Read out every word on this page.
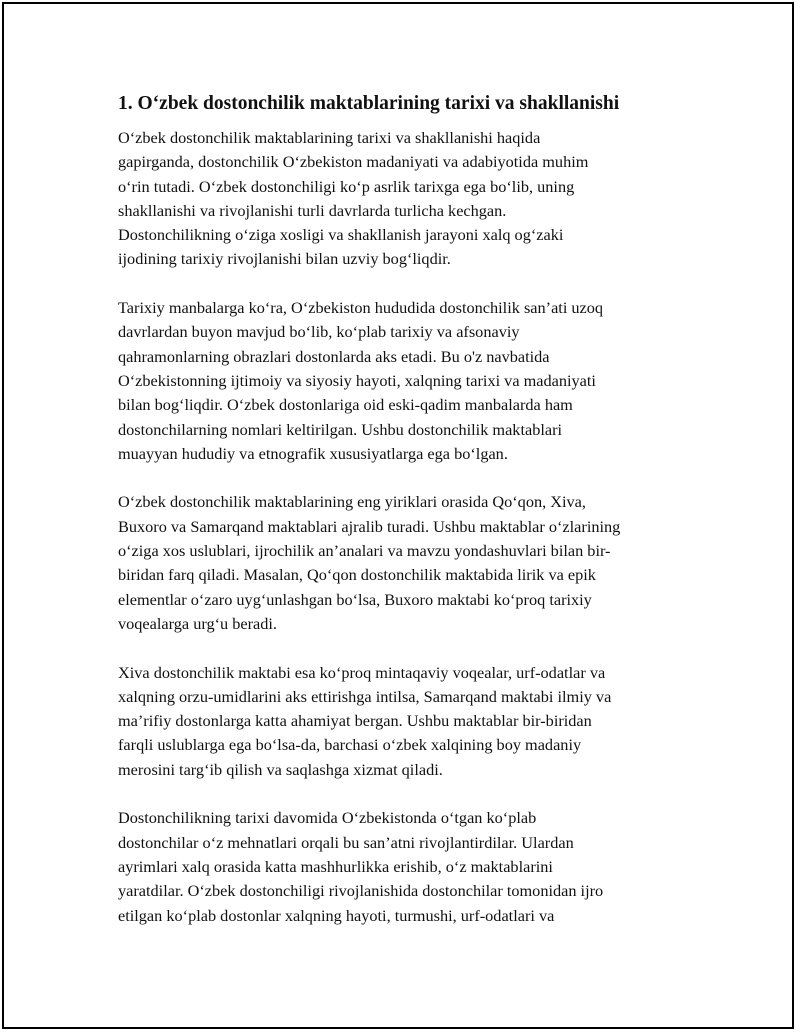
1. O‘zbek dostonchilik maktablarining tarixi va shakllanishi
O‘zbek dostonchilik maktablarining tarixi va shakllanishi haqida
gapirganda, dostonchilik O‘zbekiston madaniyati va adabiyotida muhim
o‘rin tutadi. O‘zbek dostonchiligi ko‘p asrlik tarixga ega bo‘lib, uning
shakllanishi va rivojlanishi turli davrlarda turlicha kechgan.
Dostonchilikning o‘ziga xosligi va shakllanish jarayoni xalq og‘zaki
ijodining tarixiy rivojlanishi bilan uzviy bog‘liqdir.
Tarixiy manbalarga ko‘ra, O‘zbekiston hududida dostonchilik san’ati uzoq
davrlardan buyon mavjud bo‘lib, ko‘plab tarixiy va afsonaviy
qahramonlarning obrazlari dostonlarda aks etadi. Bu o'z navbatida
O‘zbekistonning ijtimoiy va siyosiy hayoti, xalqning tarixi va madaniyati
bilan bog‘liqdir. O‘zbek dostonlariga oid eski-qadim manbalarda ham
dostonchilarning nomlari keltirilgan. Ushbu dostonchilik maktablari
muayyan hududiy va etnografik xususiyatlarga ega bo‘lgan.
O‘zbek dostonchilik maktablarining eng yiriklari orasida Qo‘qon, Xiva,
Buxoro va Samarqand maktablari ajralib turadi. Ushbu maktablar o‘zlarining
o‘ziga xos uslublari, ijrochilik an’analari va mavzu yondashuvlari bilan bir-
biridan farq qiladi. Masalan, Qo‘qon dostonchilik maktabida lirik va epik
elementlar o‘zaro uyg‘unlashgan bo‘lsa, Buxoro maktabi ko‘proq tarixiy
voqealarga urg‘u beradi.
Xiva dostonchilik maktabi esa ko‘proq mintaqaviy voqealar, urf-odatlar va
xalqning orzu-umidlarini aks ettirishga intilsa, Samarqand maktabi ilmiy va
ma’rifiy dostonlarga katta ahamiyat bergan. Ushbu maktablar bir-biridan
farqli uslublarga ega bo‘lsa-da, barchasi o‘zbek xalqining boy madaniy
merosini targ‘ib qilish va saqlashga xizmat qiladi.
Dostonchilikning tarixi davomida O‘zbekistonda o‘tgan ko‘plab
dostonchilar o‘z mehnatlari orqali bu san’atni rivojlantirdilar. Ulardan
ayrimlari xalq orasida katta mashhurlikka erishib, o‘z maktablarini
yaratdilar. O‘zbek dostonchiligi rivojlanishida dostonchilar tomonidan ijro
etilgan ko‘plab dostonlar xalqning hayoti, turmushi, urf-odatlari va
